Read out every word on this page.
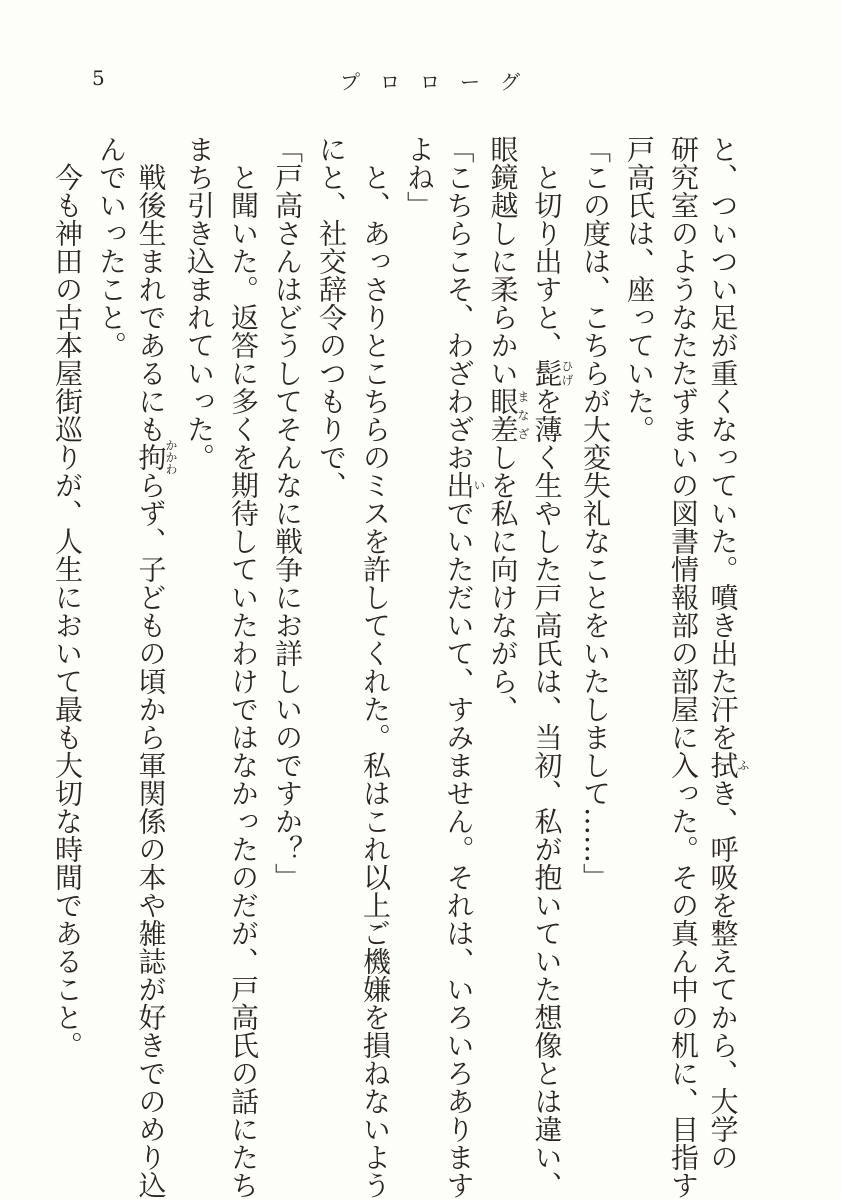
5	プロローグ
と、ついつい足が重くなっていた。噴き出た汗を拭ふき、呼吸を整えてから、大学の
研究室のようなたたずまいの図書情報部の部屋に入った。その真ん中の机に、目指す
戸高氏は、座っていた。
「この度は、こちらが大変失礼なことをいたしまして……」
　と切り出すと、髭ひげを薄く生やした戸高氏は、当初、私が抱いていた想像とは違い、
眼鏡越しに柔らかい眼差まなざしを私に向けながら、
「こちらこそ、わざわざお出いでいただいて、すみません。それは、いろいろあります
よね」
　と、あっさりとこちらのミスを許してくれた。私はこれ以上ご機嫌を損ねないよう
にと、社交辞令のつもりで、
「戸高さんはどうしてそんなに戦争にお詳しいのですか？」
　と聞いた。返答に多くを期待していたわけではなかったのだが、戸高氏の話にたち
まち引き込まれていった。
　戦後生まれであるにも拘かかわらず、子どもの頃から軍関係の本や雑誌が好きでのめり込
んでいったこと。
　今も神田の古本屋街巡りが、人生において最も大切な時間であること。
